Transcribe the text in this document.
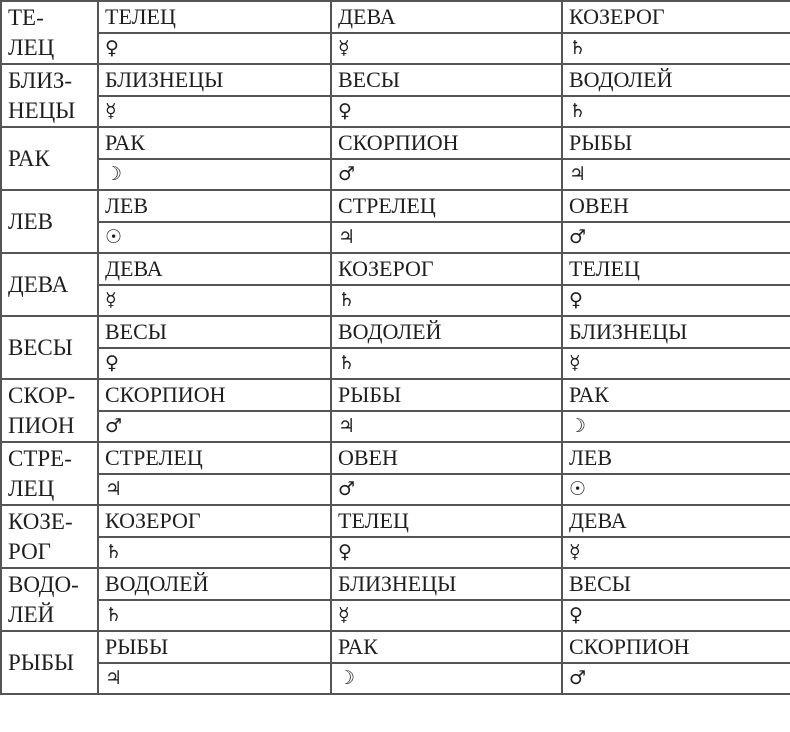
ТЕ-
ЛЕЦ	ТЕЛЕЦ	ДЕВА	КОЗЕРОГ
	♀	☿	♄

БЛИЗ-
НЕЦЫ	БЛИЗНЕЦЫ	ВЕСЫ	ВОДОЛЕЙ
	☿	♀	♄

РАК	РАК	СКОРПИОН	РЫБЫ
	☽	♂	♃

ЛЕВ	ЛЕВ	СТРЕЛЕЦ	ОВЕН
	☉	♃	♂

ДЕВА	ДЕВА	КОЗЕРОГ	ТЕЛЕЦ
	☿	♄	♀

ВЕСЫ	ВЕСЫ	ВОДОЛЕЙ	БЛИЗНЕЦЫ
	♀	♄	☿

СКОР-
ПИОН	СКОРПИОН	РЫБЫ	РАК
	♂	♃	☽

СТРЕ-
ЛЕЦ	СТРЕЛЕЦ	ОВЕН	ЛЕВ
	♃	♂	☉

КОЗЕ-
РОГ	КОЗЕРОГ	ТЕЛЕЦ	ДЕВА
	♄	♀	☿

ВОДО-
ЛЕЙ	ВОДОЛЕЙ	БЛИЗНЕЦЫ	ВЕСЫ
	♄	☿	♀

РЫБЫ	РЫБЫ	РАК	СКОРПИОН
	♃	☽	♂
